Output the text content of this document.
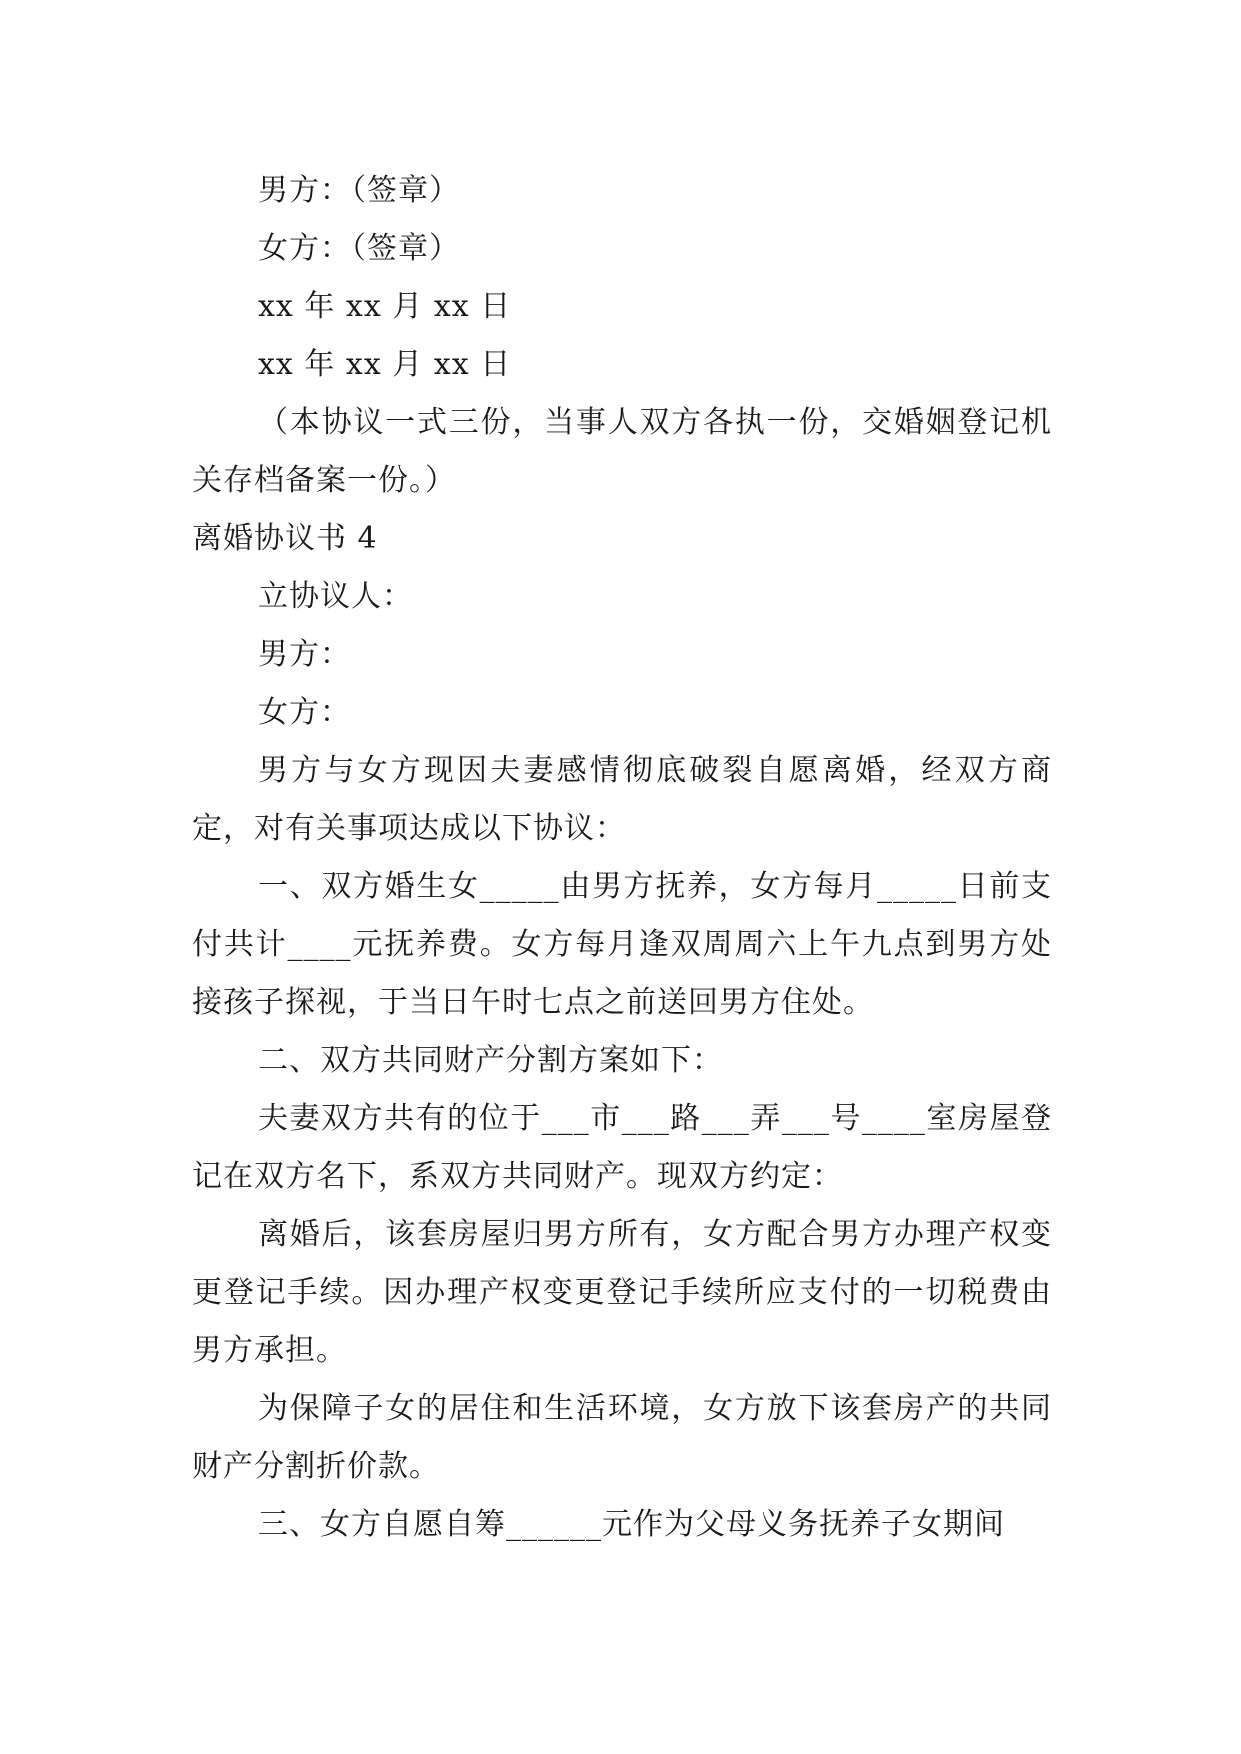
男方：（签章）

女方：（签章）

xx 年 xx 月 xx 日

xx 年 xx 月 xx 日

（本协议一式三份，当事人双方各执一份，交婚姻登记机关存档备案一份。）

离婚协议书 4

立协议人：

男方：

女方：

男方与女方现因夫妻感情彻底破裂自愿离婚，经双方商定，对有关事项达成以下协议：

一、双方婚生女_____由男方抚养，女方每月_____日前支付共计____元抚养费。女方每月逢双周周六上午九点到男方处接孩子探视，于当日午时七点之前送回男方住处。

二、双方共同财产分割方案如下：

夫妻双方共有的位于___市___路___弄___号____室房屋登记在双方名下，系双方共同财产。现双方约定：

离婚后，该套房屋归男方所有，女方配合男方办理产权变更登记手续。因办理产权变更登记手续所应支付的一切税费由男方承担。

为保障子女的居住和生活环境，女方放下该套房产的共同财产分割折价款。

三、女方自愿自筹______元作为父母义务抚养子女期间
